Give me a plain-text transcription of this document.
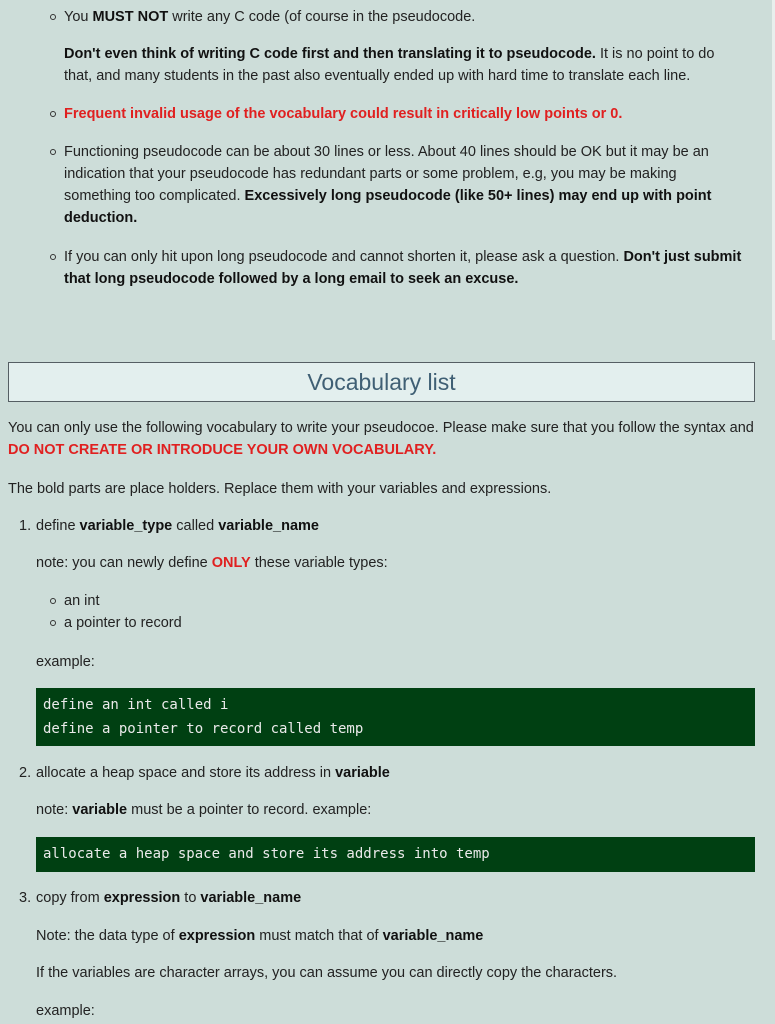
You MUST NOT write any C code (of course in the pseudocode.
Don't even think of writing C code first and then translating it to pseudocode. It is no point to do that, and many students in the past also eventually ended up with hard time to translate each line.
Frequent invalid usage of the vocabulary could result in critically low points or 0.
Functioning pseudocode can be about 30 lines or less. About 40 lines should be OK but it may be an indication that your pseudocode has redundant parts or some problem, e.g, you may be making something too complicated. Excessively long pseudocode (like 50+ lines) may end up with point deduction.
If you can only hit upon long pseudocode and cannot shorten it, please ask a question. Don't just submit that long pseudocode followed by a long email to seek an excuse.
Vocabulary list
You can only use the following vocabulary to write your pseudocoe. Please make sure that you follow the syntax and DO NOT CREATE OR INTRODUCE YOUR OWN VOCABULARY.
The bold parts are place holders. Replace them with your variables and expressions.
1. define variable_type called variable_name
note: you can newly define ONLY these variable types:
an int
a pointer to record
example:
define an int called i
define a pointer to record called temp
2. allocate a heap space and store its address in variable
note: variable must be a pointer to record. example:
allocate a heap space and store its address into temp
3. copy from expression to variable_name
Note: the data type of expression must match that of variable_name
If the variables are character arrays, you can assume you can directly copy the characters.
example:
